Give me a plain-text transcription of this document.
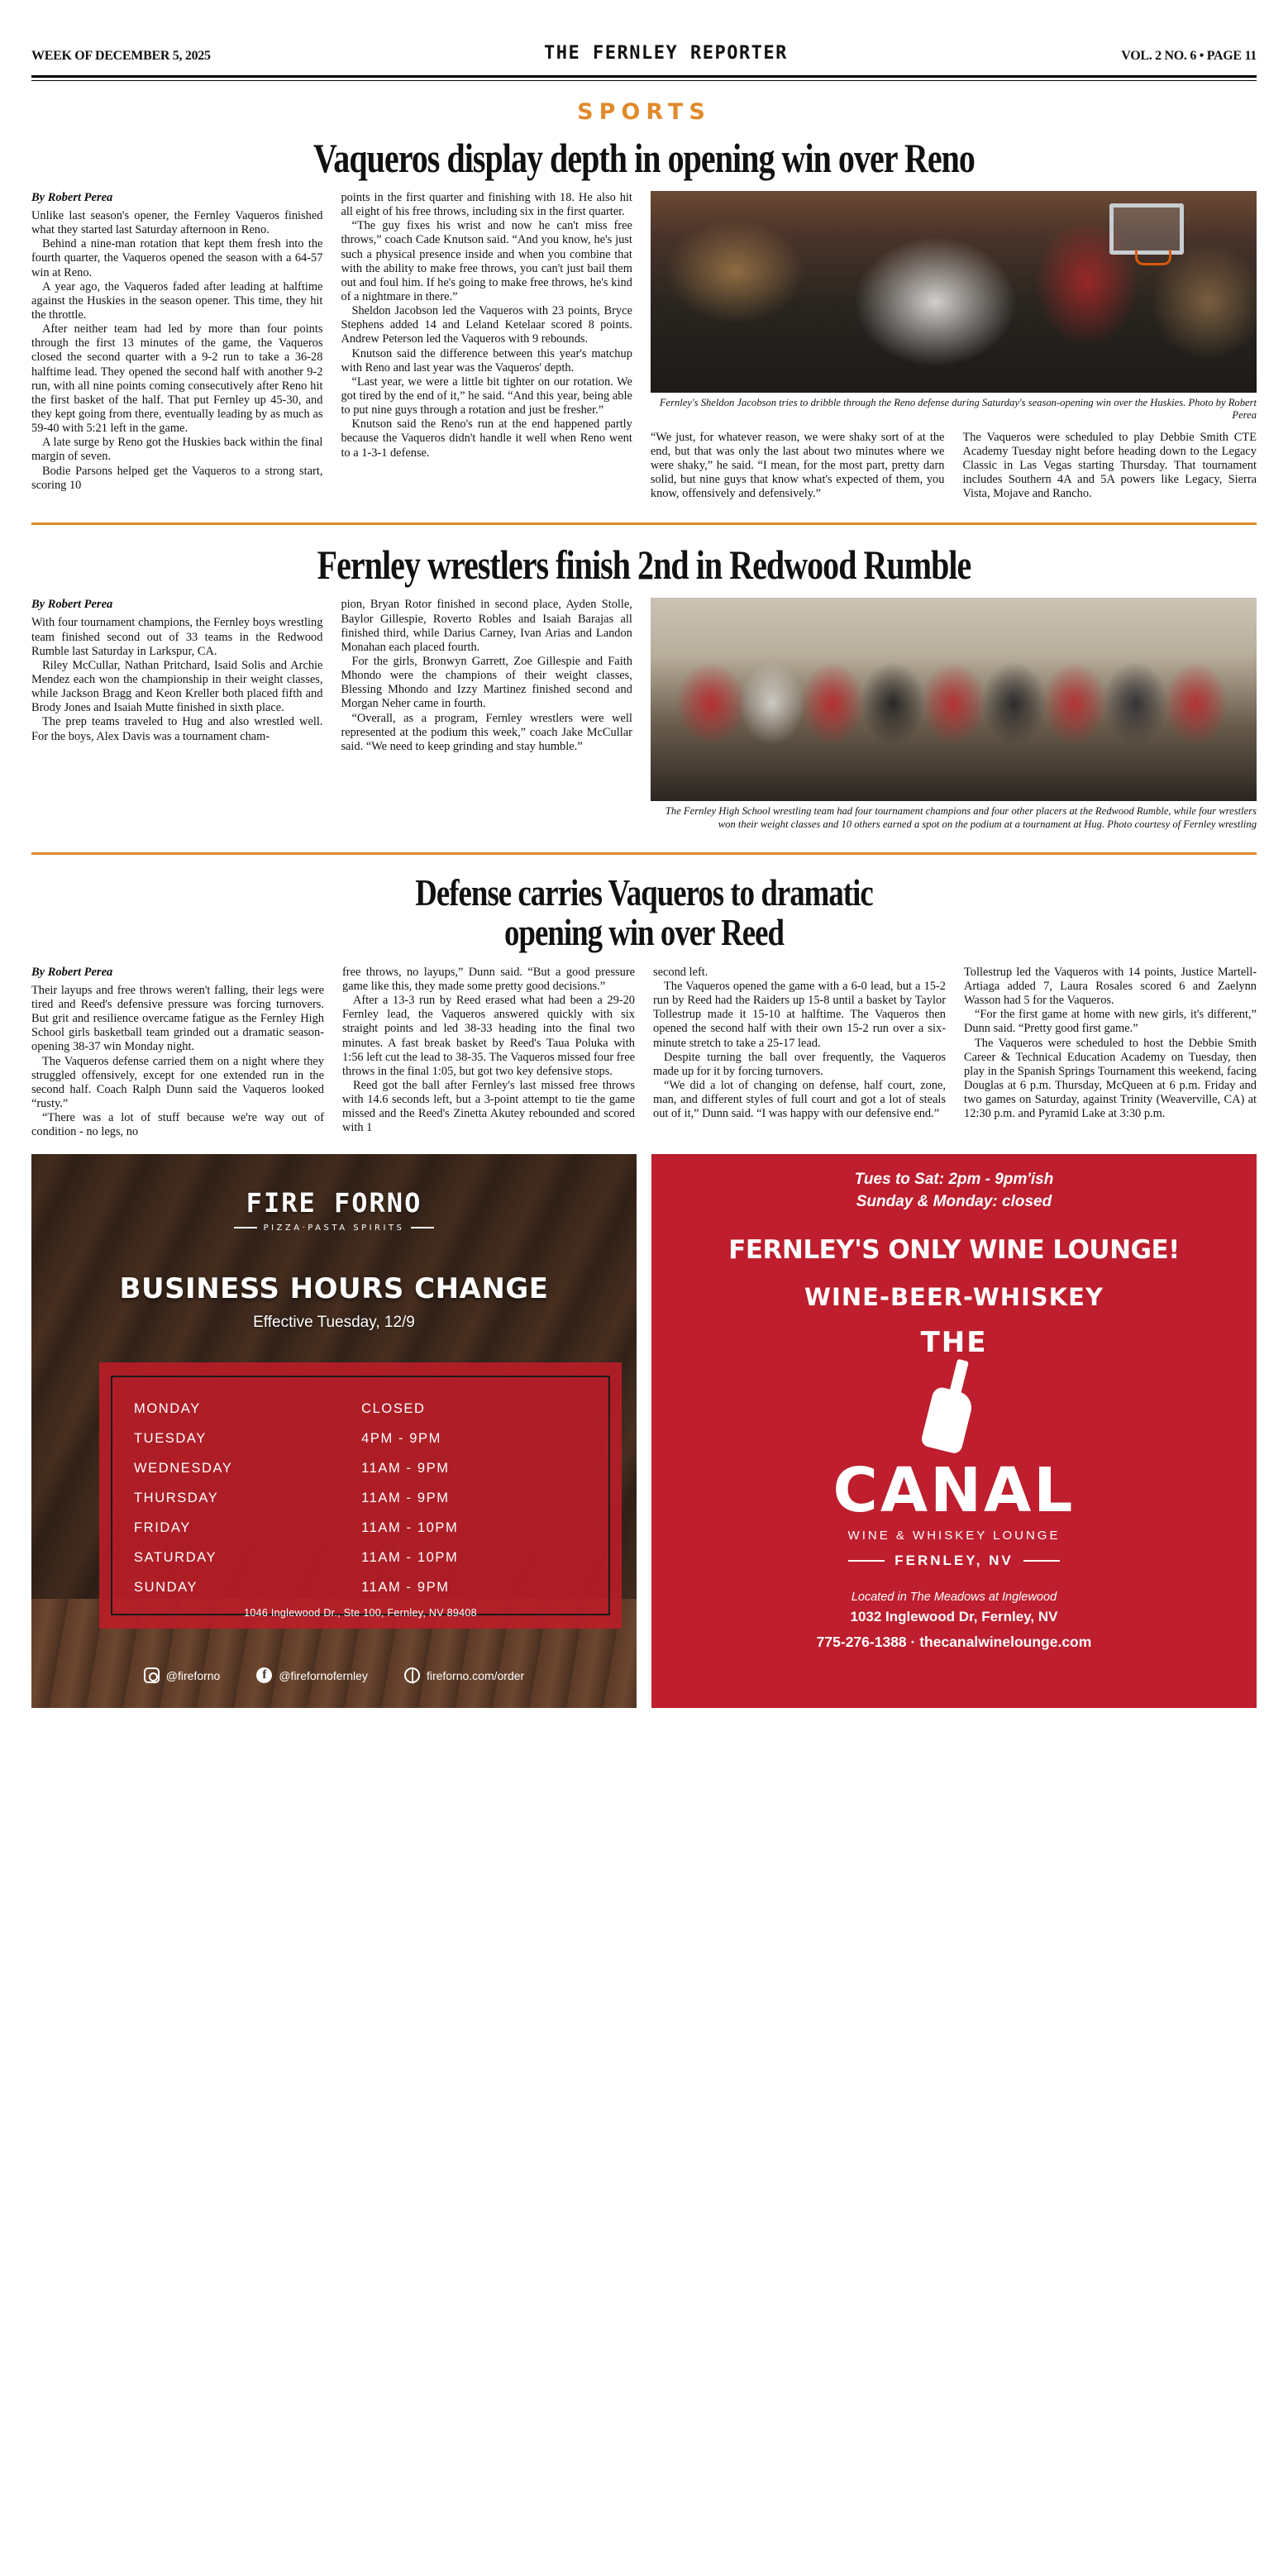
WEEK OF DECEMBER 5, 2025	THE FERNLEY REPORTER	VOL. 2 NO. 6 • PAGE 11
SPORTS
Vaqueros display depth in opening win over Reno
By Robert Perea

Unlike last season's opener, the Fernley Vaqueros finished what they started last Saturday afternoon in Reno.

Behind a nine-man rotation that kept them fresh into the fourth quarter, the Vaqueros opened the season with a 64-57 win at Reno.

A year ago, the Vaqueros faded after leading at halftime against the Huskies in the season opener. This time, they hit the throttle.

After neither team had led by more than four points through the first 13 minutes of the game, the Vaqueros closed the second quarter with a 9-2 run to take a 36-28 halftime lead. They opened the second half with another 9-2 run, with all nine points coming consecutively after Reno hit the first basket of the half. That put Fernley up 45-30, and they kept going from there, eventually leading by as much as 59-40 with 5:21 left in the game.

A late surge by Reno got the Huskies back within the final margin of seven.

Bodie Parsons helped get the Vaqueros to a strong start, scoring 10

points in the first quarter and finishing with 18. He also hit all eight of his free throws, including six in the first quarter.

“The guy fixes his wrist and now he can't miss free throws,” coach Cade Knutson said. “And you know, he's just such a physical presence inside and when you combine that with the ability to make free throws, you can't just bail them out and foul him. If he's going to make free throws, he's kind of a nightmare in there.”

Sheldon Jacobson led the Vaqueros with 23 points, Bryce Stephens added 14 and Leland Ketelaar scored 8 points. Andrew Peterson led the Vaqueros with 9 rebounds.

Knutson said the difference between this year's matchup with Reno and last year was the Vaqueros' depth.

“Last year, we were a little bit tighter on our rotation. We got tired by the end of it,” he said. “And this year, being able to put nine guys through a rotation and just be fresher.”

Knutson said the Reno's run at the end happened partly because the Vaqueros didn't handle it well when Reno went to a 1-3-1 defense.

Fernley's Sheldon Jacobson tries to dribble through the Reno defense during Saturday's season-opening win over the Huskies. Photo by Robert Perea

“We just, for whatever reason, we were shaky sort of at the end, but that was only the last about two minutes where we were shaky,” he said. “I mean, for the most part, pretty darn solid, but nine guys that know what's expected of them, you know, offensively and defensively.”

The Vaqueros were scheduled to play Debbie Smith CTE Academy Tuesday night before heading down to the Legacy Classic in Las Vegas starting Thursday. That tournament includes Southern 4A and 5A powers like Legacy, Sierra Vista, Mojave and Rancho.

Fernley wrestlers finish 2nd in Redwood Rumble
By Robert Perea

With four tournament champions, the Fernley boys wrestling team finished second out of 33 teams in the Redwood Rumble last Saturday in Larkspur, CA.

Riley McCullar, Nathan Pritchard, Isaid Solis and Archie Mendez each won the championship in their weight classes, while Jackson Bragg and Keon Kreller both placed fifth and Brody Jones and Isaiah Mutte finished in sixth place.

The prep teams traveled to Hug and also wrestled well. For the boys, Alex Davis was a tournament cham-

pion, Bryan Rotor finished in second place, Ayden Stolle, Baylor Gillespie, Roverto Robles and Isaiah Barajas all finished third, while Darius Carney, Ivan Arias and Landon Monahan each placed fourth.

For the girls, Bronwyn Garrett, Zoe Gillespie and Faith Mhondo were the champions of their weight classes, Blessing Mhondo and Izzy Martinez finished second and Morgan Neher came in fourth.

“Overall, as a program, Fernley wrestlers were well represented at the podium this week,” coach Jake McCullar said. “We need to keep grinding and stay humble.”

The Fernley High School wrestling team had four tournament champions and four other placers at the Redwood Rumble, while four wrestlers won their weight classes and 10 others earned a spot on the podium at a tournament at Hug. Photo courtesy of Fernley wrestling
Defense carries Vaqueros to dramatic
opening win over Reed
By Robert Perea

Their layups and free throws weren't falling, their legs were tired and Reed's defensive pressure was forcing turnovers. But grit and resilience overcame fatigue as the Fernley High School girls basketball team grinded out a dramatic season-opening 38-37 win Monday night.

The Vaqueros defense carried them on a night where they struggled offensively, except for one extended run in the second half. Coach Ralph Dunn said the Vaqueros looked “rusty.”

“There was a lot of stuff because we're way out of condition - no legs, no

free throws, no layups,” Dunn said. “But a good pressure game like this, they made some pretty good decisions.”

After a 13-3 run by Reed erased what had been a 29-20 Fernley lead, the Vaqueros answered quickly with six straight points and led 38-33 heading into the final two minutes. A fast break basket by Reed's Taua Poluka with 1:56 left cut the lead to 38-35. The Vaqueros missed four free throws in the final 1:05, but got two key defensive stops.

Reed got the ball after Fernley's last missed free throws with 14.6 seconds left, but a 3-point attempt to tie the game missed and the Reed's Zinetta Akutey rebounded and scored with 1

second left.

The Vaqueros opened the game with a 6-0 lead, but a 15-2 run by Reed had the Raiders up 15-8 until a basket by Taylor Tollestrup made it 15-10 at halftime. The Vaqueros then opened the second half with their own 15-2 run over a six-minute stretch to take a 25-17 lead.

Despite turning the ball over frequently, the Vaqueros made up for it by forcing turnovers.

“We did a lot of changing on defense, half court, zone, man, and different styles of full court and got a lot of steals out of it,” Dunn said. “I was happy with our defensive end.”

Tollestrup led the Vaqueros with 14 points, Justice Martell-Artiaga added 7, Laura Rosales scored 6 and Zaelynn Wasson had 5 for the Vaqueros.

“For the first game at home with new girls, it's different,” Dunn said. “Pretty good first game.”

The Vaqueros were scheduled to host the Debbie Smith Career & Technical Education Academy on Tuesday, then play in the Spanish Springs Tournament this weekend, facing Douglas at 6 p.m. Thursday, McQueen at 6 p.m. Friday and two games on Saturday, against Trinity (Weaverville, CA) at 12:30 p.m. and Pyramid Lake at 3:30 p.m.

FIRE FORNO
PIZZA·PASTA SPIRITS
BUSINESS HOURS CHANGE
Effective Tuesday, 12/9
MONDAY	CLOSED
TUESDAY	4PM - 9PM
WEDNESDAY	11AM - 9PM
THURSDAY	11AM - 9PM
FRIDAY	11AM - 10PM
SATURDAY	11AM - 10PM
SUNDAY	11AM - 9PM
1046 Inglewood Dr., Ste 100, Fernley, NV 89408
@fireforno	f	@firefornofernley	fireforno.com/order
Tues to Sat: 2pm - 9pm'ish
Sunday & Monday: closed
FERNLEY'S ONLY WINE LOUNGE!
WINE-BEER-WHISKEY
THE
CANAL
WINE & WHISKEY LOUNGE
FERNLEY, NV
Located in The Meadows at Inglewood
1032 Inglewood Dr, Fernley, NV
775-276-1388 · thecanalwinelounge.com
